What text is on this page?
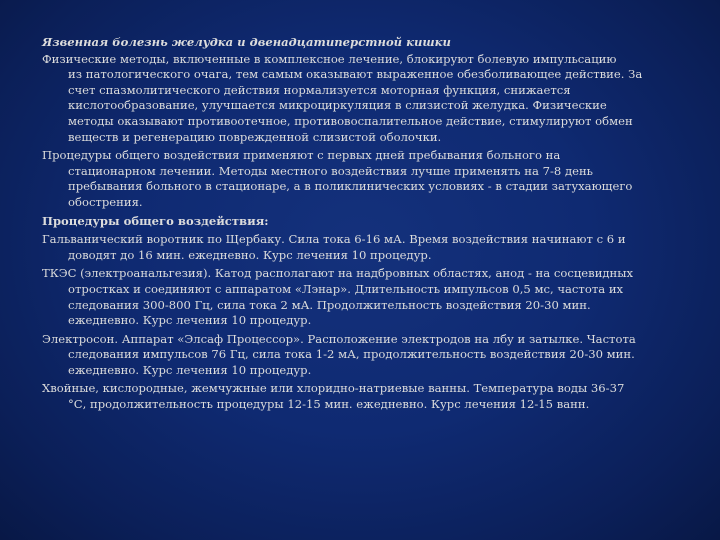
Язвенная болезнь желудка и двенадцатиперстной кишки
Физические методы, включенные в комплексное лечение, блокируют болевую импульсацию
из патологического очага, тем самым оказывают выраженное обезболивающее действие. За
счет спазмолитического действия нормализуется моторная функция, снижается
кислотообразование, улучшается микроциркуляция в слизистой желудка. Физические
методы оказывают противоотечное, противовоспалительное действие, стимулируют обмен
веществ и регенерацию поврежденной слизистой оболочки.
Процедуры общего воздействия применяют с первых дней пребывания больного на
стационарном лечении. Методы местного воздействия лучше применять на 7-8 день
пребывания больного в стационаре, а в поликлинических условиях - в стадии затухающего
обострения.
Процедуры общего воздействия:
Гальванический воротник по Щербаку. Сила тока 6-16 мА. Время воздействия начинают с 6 и
доводят до 16 мин. ежедневно. Курс лечения 10 процедур.
ТКЭС (электроанальгезия). Катод располагают на надбровных областях, анод - на сосцевидных
отростках и соединяют с аппаратом «Лэнар». Длительность импульсов 0,5 мс, частота их
следования 300-800 Гц, сила тока 2 мА. Продолжительность воздействия 20-30 мин.
ежедневно. Курс лечения 10 процедур.
Электросон. Аппарат «Элсаф Процессор». Расположение электродов на лбу и затылке. Частота
следования импульсов 76 Гц, сила тока 1-2 мА, продолжительность воздействия 20-30 мин.
ежедневно. Курс лечения 10 процедур.
Хвойные, кислородные, жемчужные или хлоридно-натриевые ванны. Температура воды 36-37
°С, продолжительность процедуры 12-15 мин. ежедневно. Курс лечения 12-15 ванн.
